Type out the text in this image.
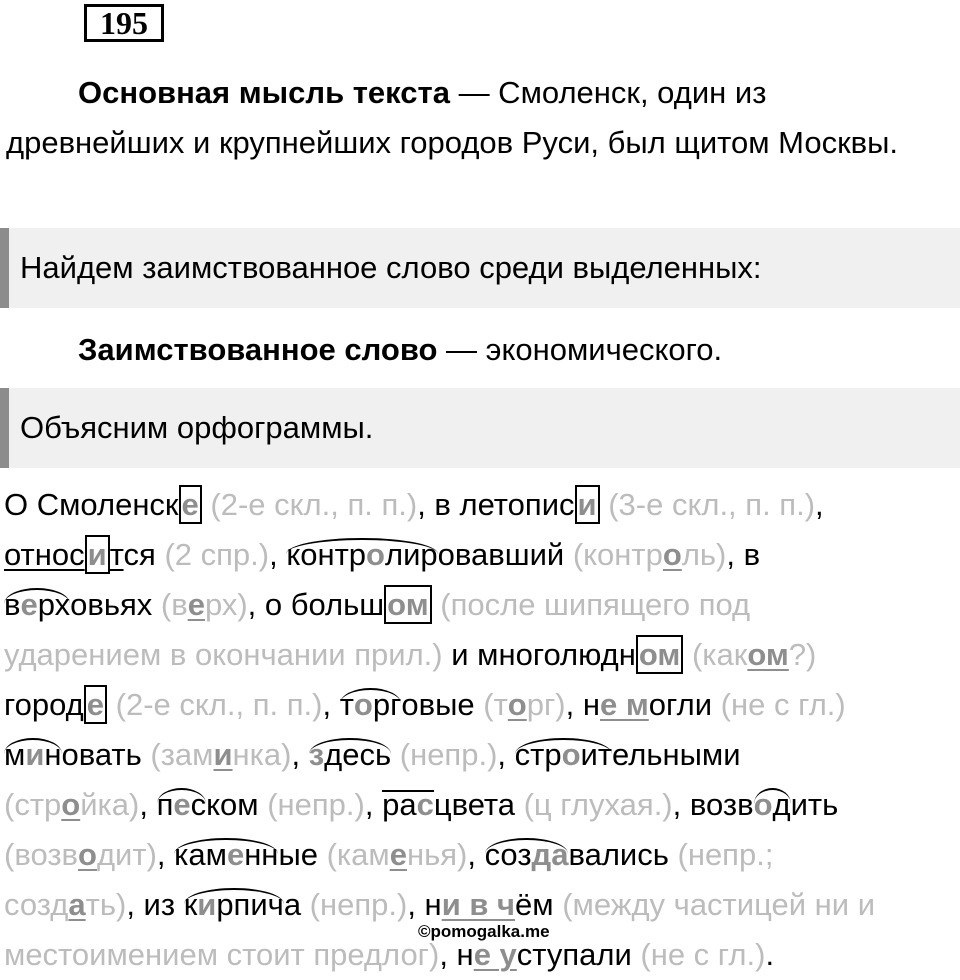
195
Основная мысль текста — Смоленск, один из древнейших и крупнейших городов Руси, был щитом Москвы.
Найдем заимствованное слово среди выделенных:
Заимствованное слово — экономического.
Объясним орфограммы.
О Смоленске (2-е скл., п. п.), в летописи (3-е скл., п. п.),
относится (2 спр.), контролировавший (контроль), в
верховьях (верх), о большом (после шипящего под
ударением в окончании прил.) и многолюдном (каком?)
городе (2-е скл., п. п.), торговые (торг), не могли (не с гл.)
миновать (заминка), здесь (непр.), строительными
(стройка), песком (непр.), расцвета (ц глухая.), возводить
(возводит), каменные (каменья), создавались (непр.;
создать), из кирпича (непр.), ни в чём (между частицей ни и
местоимением стоит предлог), не уступали (не с гл.).
©pomogalka.me
